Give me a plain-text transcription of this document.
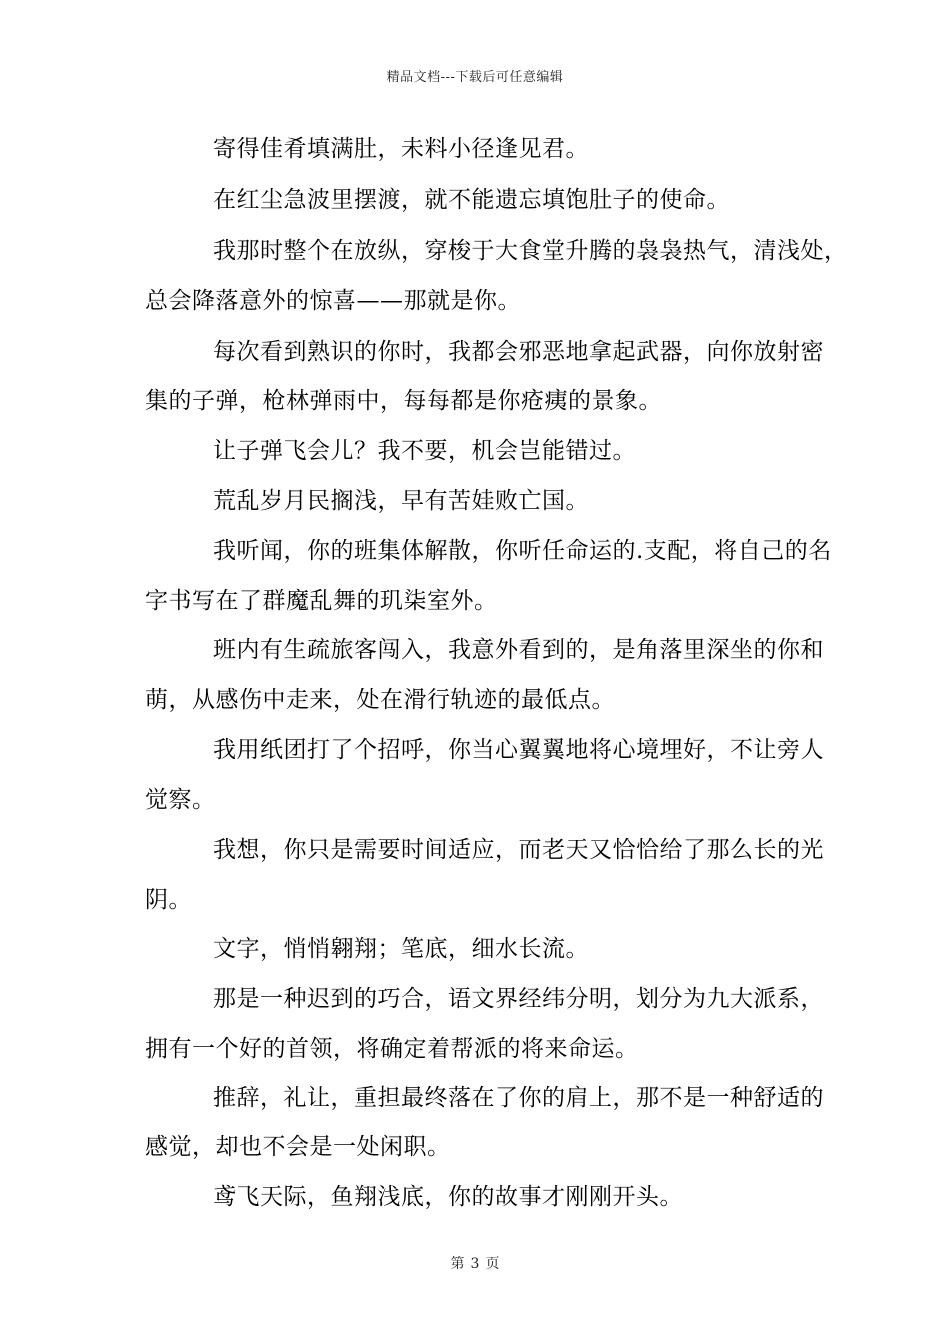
精品文档---下载后可任意编辑
寄得佳肴填满肚，未料小径逢见君。
在红尘急波里摆渡，就不能遗忘填饱肚子的使命。
我那时整个在放纵，穿梭于大食堂升腾的袅袅热气，清浅处，
总会降落意外的惊喜——那就是你。
每次看到熟识的你时，我都会邪恶地拿起武器，向你放射密
集的子弹，枪林弹雨中，每每都是你疮痍的景象。
让子弹飞会儿？我不要，机会岂能错过。
荒乱岁月民搁浅，早有苦娃败亡国。
我听闻，你的班集体解散，你听任命运的.支配，将自己的名
字书写在了群魔乱舞的玑柒室外。
班内有生疏旅客闯入，我意外看到的，是角落里深坐的你和
萌，从感伤中走来，处在滑行轨迹的最低点。
我用纸团打了个招呼，你当心翼翼地将心境埋好，不让旁人
觉察。
我想，你只是需要时间适应，而老天又恰恰给了那么长的光
阴。
文字，悄悄翱翔；笔底，细水长流。
那是一种迟到的巧合，语文界经纬分明，划分为九大派系，
拥有一个好的首领，将确定着帮派的将来命运。
推辞，礼让，重担最终落在了你的肩上，那不是一种舒适的
感觉，却也不会是一处闲职。
鸢飞天际，鱼翔浅底，你的故事才刚刚开头。
第 3 页
